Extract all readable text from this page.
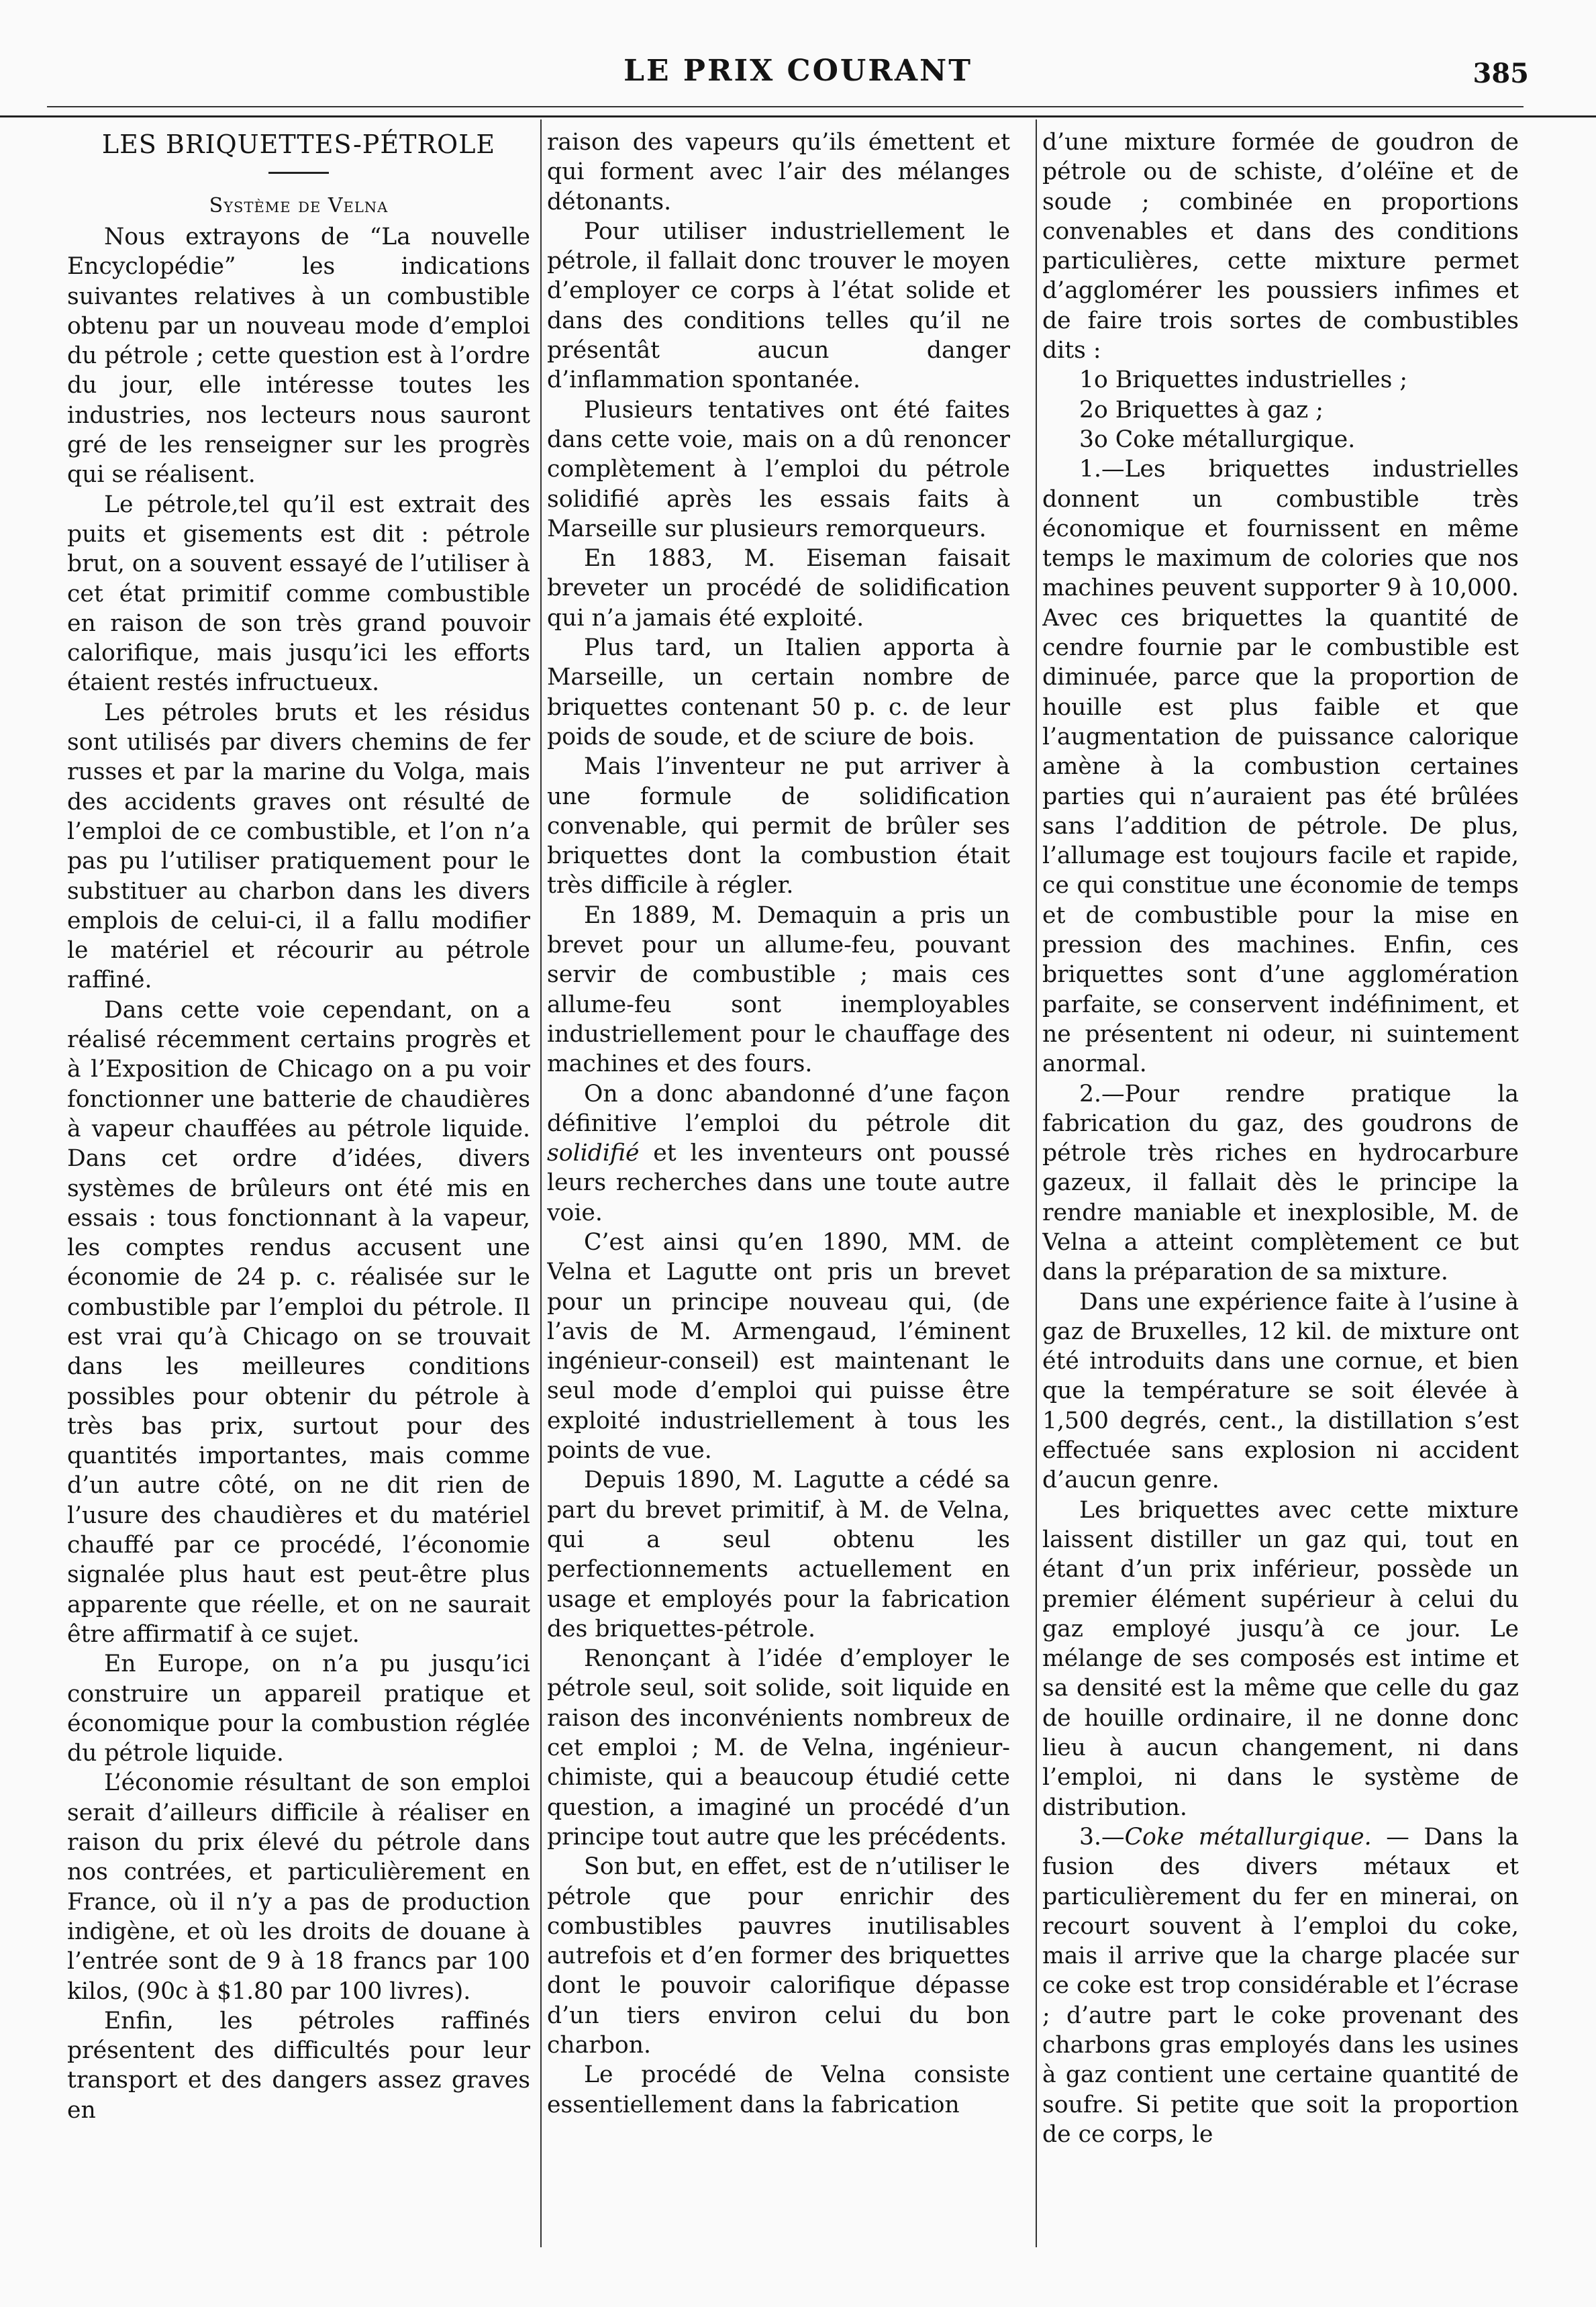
LE PRIX COURANT	385
LES BRIQUETTES-PÉTROLE
Système de Velna

Nous extrayons de “La nouvelle Encyclopédie” les indications suivantes relatives à un combustible obtenu par un nouveau mode d’emploi du pétrole ; cette question est à l’ordre du jour, elle intéresse toutes les industries, nos lecteurs nous sauront gré de les renseigner sur les progrès qui se réalisent.

Le pétrole,tel qu’il est extrait des puits et gisements est dit : pétrole brut, on a souvent essayé de l’utiliser à cet état primitif comme combustible en raison de son très grand pouvoir calorifique, mais jusqu’ici les efforts étaient restés infructueux.

Les pétroles bruts et les résidus sont utilisés par divers chemins de fer russes et par la marine du Volga, mais des accidents graves ont résulté de l’emploi de ce combustible, et l’on n’a pas pu l’utiliser pratiquement pour le substituer au charbon dans les divers emplois de celui-ci, il a fallu modifier le matériel et récourir au pétrole raffiné.

Dans cette voie cependant, on a réalisé récemment certains progrès et à l’Exposition de Chicago on a pu voir fonctionner une batterie de chaudières à vapeur chauffées au pétrole liquide. Dans cet ordre d’idées, divers systèmes de brûleurs ont été mis en essais : tous fonctionnant à la vapeur, les comptes rendus accusent une économie de 24 p. c. réalisée sur le combustible par l’emploi du pétrole. Il est vrai qu’à Chicago on se trouvait dans les meilleures conditions possibles pour obtenir du pétrole à très bas prix, surtout pour des quantités importantes, mais comme d’un autre côté, on ne dit rien de l’usure des chaudières et du matériel chauffé par ce procédé, l’économie signalée plus haut est peut-être plus apparente que réelle, et on ne saurait être affirmatif à ce sujet.

En Europe, on n’a pu jusqu’ici construire un appareil pratique et économique pour la combustion réglée du pétrole liquide.

L’économie résultant de son emploi serait d’ailleurs difficile à réaliser en raison du prix élevé du pétrole dans nos contrées, et particulièrement en France, où il n’y a pas de production indigène, et où les droits de douane à l’entrée sont de 9 à 18 francs par 100 kilos, (90c à $1.80 par 100 livres).

Enfin, les pétroles raffinés présentent des difficultés pour leur transport et des dangers assez graves en

raison des vapeurs qu’ils émettent et qui forment avec l’air des mélanges détonants.

Pour utiliser industriellement le pétrole, il fallait donc trouver le moyen d’employer ce corps à l’état solide et dans des conditions telles qu’il ne présentât aucun danger d’inflammation spontanée.

Plusieurs tentatives ont été faites dans cette voie, mais on a dû renoncer complètement à l’emploi du pétrole solidifié après les essais faits à Marseille sur plusieurs remorqueurs.

En 1883, M. Eiseman faisait breveter un procédé de solidification qui n’a jamais été exploité.

Plus tard, un Italien apporta à Marseille, un certain nombre de briquettes contenant 50 p. c. de leur poids de soude, et de sciure de bois.

Mais l’inventeur ne put arriver à une formule de solidification convenable, qui permit de brûler ses briquettes dont la combustion était très difficile à régler.

En 1889, M. Demaquin a pris un brevet pour un allume-feu, pouvant servir de combustible ; mais ces allume-feu sont inemployables industriellement pour le chauffage des machines et des fours.

On a donc abandonné d’une façon définitive l’emploi du pétrole dit solidifié et les inventeurs ont poussé leurs recherches dans une toute autre voie.

C’est ainsi qu’en 1890, MM. de Velna et Lagutte ont pris un brevet pour un principe nouveau qui, (de l’avis de M. Armengaud, l’éminent ingénieur-conseil) est maintenant le seul mode d’emploi qui puisse être exploité industriellement à tous les points de vue.

Depuis 1890, M. Lagutte a cédé sa part du brevet primitif, à M. de Velna, qui a seul obtenu les perfectionnements actuellement en usage et employés pour la fabrication des briquettes-pétrole.

Renonçant à l’idée d’employer le pétrole seul, soit solide, soit liquide en raison des inconvénients nombreux de cet emploi ; M. de Velna, ingénieur-chimiste, qui a beaucoup étudié cette question, a imaginé un procédé d’un principe tout autre que les précédents.

Son but, en effet, est de n’utiliser le pétrole que pour enrichir des combustibles pauvres inutilisables autrefois et d’en former des briquettes dont le pouvoir calorifique dépasse d’un tiers environ celui du bon charbon.

Le procédé de Velna consiste essentiellement dans la fabrication

d’une mixture formée de goudron de pétrole ou de schiste, d’oléïne et de soude ; combinée en proportions convenables et dans des conditions particulières, cette mixture permet d’agglomérer les poussiers infimes et de faire trois sortes de combustibles dits :

1o Briquettes industrielles ;

2o Briquettes à gaz ;

3o Coke métallurgique.

1.—Les briquettes industrielles donnent un combustible très économique et fournissent en même temps le maximum de colories que nos machines peuvent supporter 9 à 10,000. Avec ces briquettes la quantité de cendre fournie par le combustible est diminuée, parce que la proportion de houille est plus faible et que l’augmentation de puissance calorique amène à la combustion certaines parties qui n’auraient pas été brûlées sans l’addition de pétrole. De plus, l’allumage est toujours facile et rapide, ce qui constitue une économie de temps et de combustible pour la mise en pression des machines. Enfin, ces briquettes sont d’une agglomération parfaite, se conservent indéfiniment, et ne présentent ni odeur, ni suintement anormal.

2.—Pour rendre pratique la fabrication du gaz, des goudrons de pétrole très riches en hydrocarbure gazeux, il fallait dès le principe la rendre maniable et inexplosible, M. de Velna a atteint complètement ce but dans la préparation de sa mixture.

Dans une expérience faite à l’usine à gaz de Bruxelles, 12 kil. de mixture ont été introduits dans une cornue, et bien que la température se soit élevée à 1,500 degrés, cent., la distillation s’est effectuée sans explosion ni accident d’aucun genre.

Les briquettes avec cette mixture laissent distiller un gaz qui, tout en étant d’un prix inférieur, possède un premier élément supérieur à celui du gaz employé jusqu’à ce jour. Le mélange de ses composés est intime et sa densité est la même que celle du gaz de houille ordinaire, il ne donne donc lieu à aucun changement, ni dans l’emploi, ni dans le système de distribution.

3.—Coke métallurgique. — Dans la fusion des divers métaux et particulièrement du fer en minerai, on recourt souvent à l’emploi du coke, mais il arrive que la charge placée sur ce coke est trop considérable et l’écrase ; d’autre part le coke provenant des charbons gras employés dans les usines à gaz contient une certaine quantité de soufre. Si petite que soit la proportion de ce corps, le
